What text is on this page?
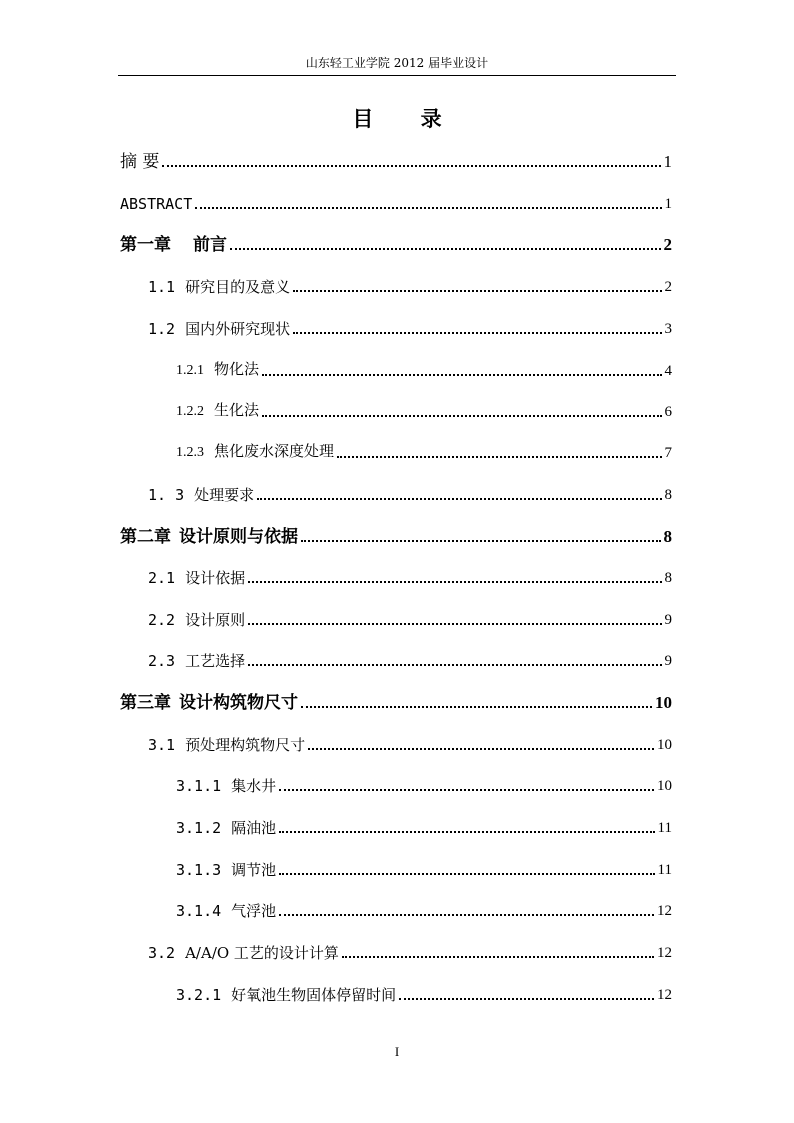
山东轻工业学院 2012 届毕业设计
目 录
摘 要	1
ABSTRACT	1
第一章 前言	2
1.1 研究目的及意义	2
1.2 国内外研究现状	3
1.2.1 物化法	4
1.2.2 生化法	6
1.2.3 焦化废水深度处理	7
1. 3 处理要求	8
第二章 设计原则与依据	8
2.1 设计依据	8
2.2 设计原则	9
2.3 工艺选择	9
第三章 设计构筑物尺寸	10
3.1 预处理构筑物尺寸	10
3.1.1 集水井	10
3.1.2 隔油池	11
3.1.3 调节池	11
3.1.4 气浮池	12
3.2 A/A/O 工艺的设计计算	12
3.2.1 好氧池生物固体停留时间	12
I
